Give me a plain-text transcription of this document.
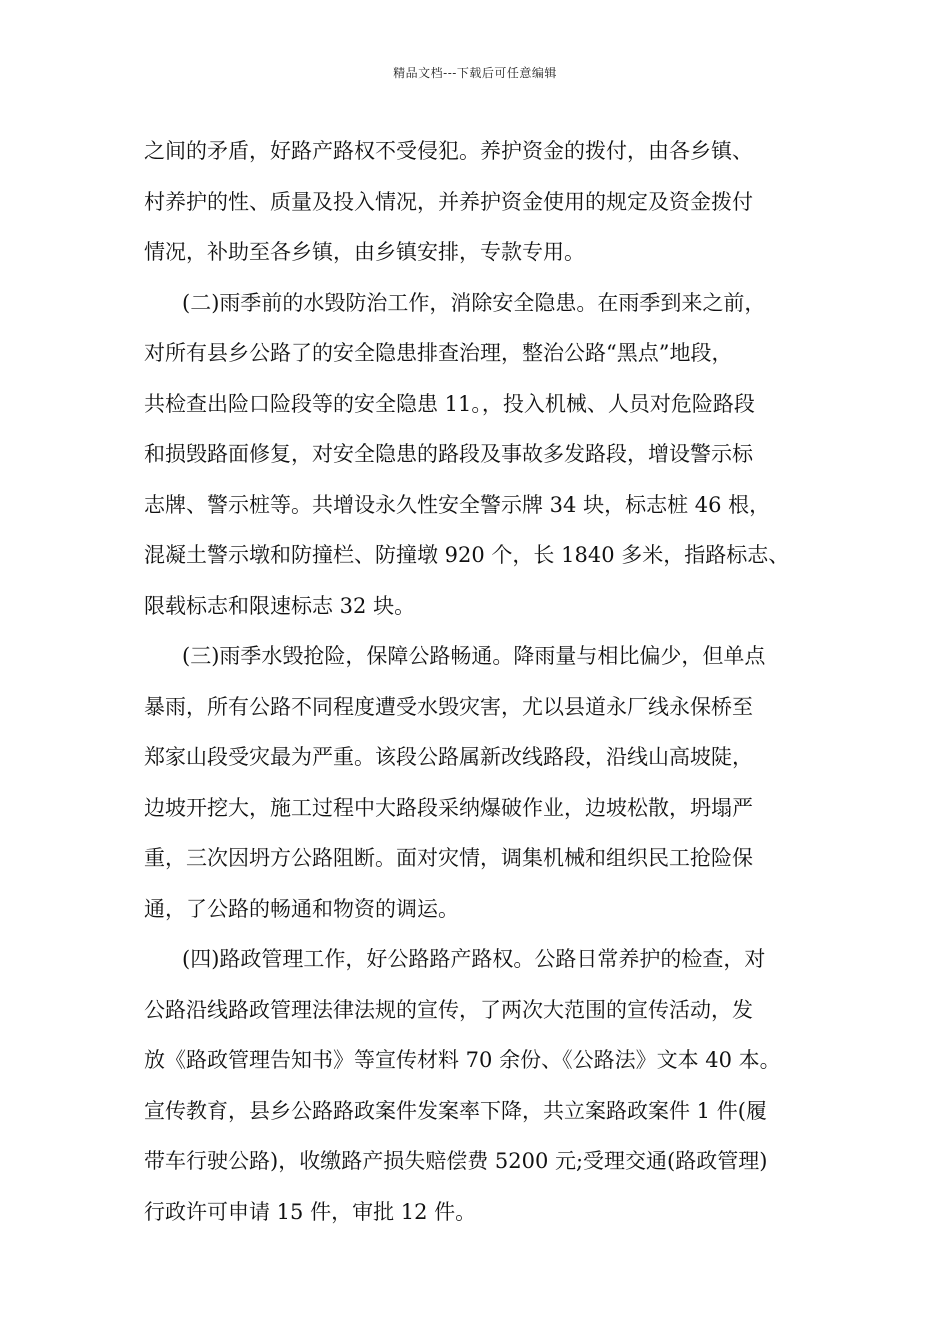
精品文档---下载后可任意编辑
之间的矛盾，好路产路权不受侵犯。养护资金的拨付，由各乡镇、
村养护的性、质量及投入情况，并养护资金使用的规定及资金拨付
情况，补助至各乡镇，由乡镇安排，专款专用。
(二)雨季前的水毁防治工作，消除安全隐患。在雨季到来之前，
对所有县乡公路了的安全隐患排查治理，整治公路“黑点”地段，
共检查出险口险段等的安全隐患 11。，投入机械、人员对危险路段
和损毁路面修复，对安全隐患的路段及事故多发路段，增设警示标
志牌、警示桩等。共增设永久性安全警示牌 34 块，标志桩 46 根，
混凝土警示墩和防撞栏、防撞墩 920 个，长 1840 多米，指路标志、
限载标志和限速标志 32 块。
(三)雨季水毁抢险，保障公路畅通。降雨量与相比偏少，但单点
暴雨，所有公路不同程度遭受水毁灾害，尤以县道永厂线永保桥至
郑家山段受灾最为严重。该段公路属新改线路段，沿线山高坡陡，
边坡开挖大，施工过程中大路段采纳爆破作业，边坡松散，坍塌严
重，三次因坍方公路阻断。面对灾情，调集机械和组织民工抢险保
通，了公路的畅通和物资的调运。
(四)路政管理工作，好公路路产路权。公路日常养护的检查，对
公路沿线路政管理法律法规的宣传，了两次大范围的宣传活动，发
放《路政管理告知书》等宣传材料 70 余份、《公路法》文本 40 本。
宣传教育，县乡公路路政案件发案率下降，共立案路政案件 1 件(履
带车行驶公路)，收缴路产损失赔偿费 5200 元;受理交通(路政管理)
行政许可申请 15 件，审批 12 件。
